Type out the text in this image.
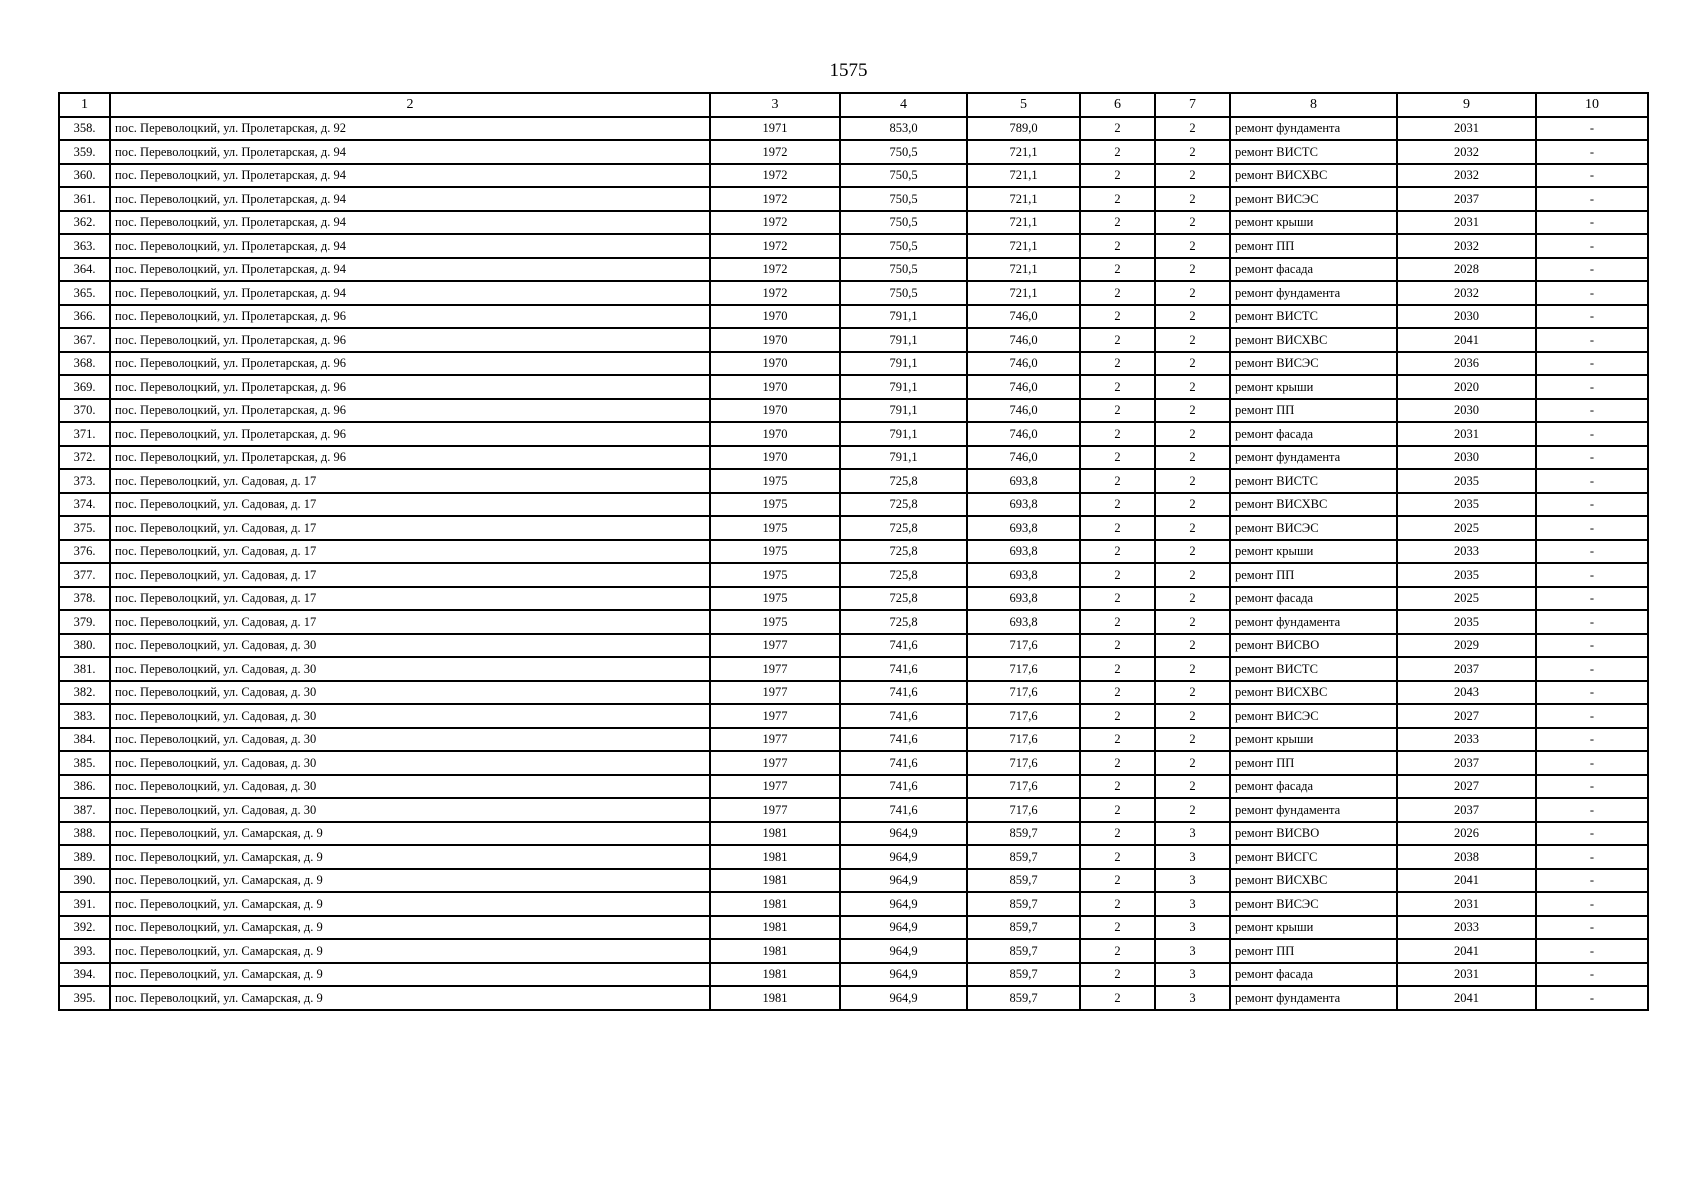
1575
1	2	3	4	5	6	7	8	9	10
358.	пос. Переволоцкий, ул. Пролетарская, д. 92	1971	853,0	789,0	2	2	ремонт фундамента	2031	-
359.	пос. Переволоцкий, ул. Пролетарская, д. 94	1972	750,5	721,1	2	2	ремонт ВИСТС	2032	-
360.	пос. Переволоцкий, ул. Пролетарская, д. 94	1972	750,5	721,1	2	2	ремонт ВИСХВС	2032	-
361.	пос. Переволоцкий, ул. Пролетарская, д. 94	1972	750,5	721,1	2	2	ремонт ВИСЭС	2037	-
362.	пос. Переволоцкий, ул. Пролетарская, д. 94	1972	750,5	721,1	2	2	ремонт крыши	2031	-
363.	пос. Переволоцкий, ул. Пролетарская, д. 94	1972	750,5	721,1	2	2	ремонт ПП	2032	-
364.	пос. Переволоцкий, ул. Пролетарская, д. 94	1972	750,5	721,1	2	2	ремонт фасада	2028	-
365.	пос. Переволоцкий, ул. Пролетарская, д. 94	1972	750,5	721,1	2	2	ремонт фундамента	2032	-
366.	пос. Переволоцкий, ул. Пролетарская, д. 96	1970	791,1	746,0	2	2	ремонт ВИСТС	2030	-
367.	пос. Переволоцкий, ул. Пролетарская, д. 96	1970	791,1	746,0	2	2	ремонт ВИСХВС	2041	-
368.	пос. Переволоцкий, ул. Пролетарская, д. 96	1970	791,1	746,0	2	2	ремонт ВИСЭС	2036	-
369.	пос. Переволоцкий, ул. Пролетарская, д. 96	1970	791,1	746,0	2	2	ремонт крыши	2020	-
370.	пос. Переволоцкий, ул. Пролетарская, д. 96	1970	791,1	746,0	2	2	ремонт ПП	2030	-
371.	пос. Переволоцкий, ул. Пролетарская, д. 96	1970	791,1	746,0	2	2	ремонт фасада	2031	-
372.	пос. Переволоцкий, ул. Пролетарская, д. 96	1970	791,1	746,0	2	2	ремонт фундамента	2030	-
373.	пос. Переволоцкий, ул. Садовая, д. 17	1975	725,8	693,8	2	2	ремонт ВИСТС	2035	-
374.	пос. Переволоцкий, ул. Садовая, д. 17	1975	725,8	693,8	2	2	ремонт ВИСХВС	2035	-
375.	пос. Переволоцкий, ул. Садовая, д. 17	1975	725,8	693,8	2	2	ремонт ВИСЭС	2025	-
376.	пос. Переволоцкий, ул. Садовая, д. 17	1975	725,8	693,8	2	2	ремонт крыши	2033	-
377.	пос. Переволоцкий, ул. Садовая, д. 17	1975	725,8	693,8	2	2	ремонт ПП	2035	-
378.	пос. Переволоцкий, ул. Садовая, д. 17	1975	725,8	693,8	2	2	ремонт фасада	2025	-
379.	пос. Переволоцкий, ул. Садовая, д. 17	1975	725,8	693,8	2	2	ремонт фундамента	2035	-
380.	пос. Переволоцкий, ул. Садовая, д. 30	1977	741,6	717,6	2	2	ремонт ВИСВО	2029	-
381.	пос. Переволоцкий, ул. Садовая, д. 30	1977	741,6	717,6	2	2	ремонт ВИСТС	2037	-
382.	пос. Переволоцкий, ул. Садовая, д. 30	1977	741,6	717,6	2	2	ремонт ВИСХВС	2043	-
383.	пос. Переволоцкий, ул. Садовая, д. 30	1977	741,6	717,6	2	2	ремонт ВИСЭС	2027	-
384.	пос. Переволоцкий, ул. Садовая, д. 30	1977	741,6	717,6	2	2	ремонт крыши	2033	-
385.	пос. Переволоцкий, ул. Садовая, д. 30	1977	741,6	717,6	2	2	ремонт ПП	2037	-
386.	пос. Переволоцкий, ул. Садовая, д. 30	1977	741,6	717,6	2	2	ремонт фасада	2027	-
387.	пос. Переволоцкий, ул. Садовая, д. 30	1977	741,6	717,6	2	2	ремонт фундамента	2037	-
388.	пос. Переволоцкий, ул. Самарская, д. 9	1981	964,9	859,7	2	3	ремонт ВИСВО	2026	-
389.	пос. Переволоцкий, ул. Самарская, д. 9	1981	964,9	859,7	2	3	ремонт ВИСГС	2038	-
390.	пос. Переволоцкий, ул. Самарская, д. 9	1981	964,9	859,7	2	3	ремонт ВИСХВС	2041	-
391.	пос. Переволоцкий, ул. Самарская, д. 9	1981	964,9	859,7	2	3	ремонт ВИСЭС	2031	-
392.	пос. Переволоцкий, ул. Самарская, д. 9	1981	964,9	859,7	2	3	ремонт крыши	2033	-
393.	пос. Переволоцкий, ул. Самарская, д. 9	1981	964,9	859,7	2	3	ремонт ПП	2041	-
394.	пос. Переволоцкий, ул. Самарская, д. 9	1981	964,9	859,7	2	3	ремонт фасада	2031	-
395.	пос. Переволоцкий, ул. Самарская, д. 9	1981	964,9	859,7	2	3	ремонт фундамента	2041	-
